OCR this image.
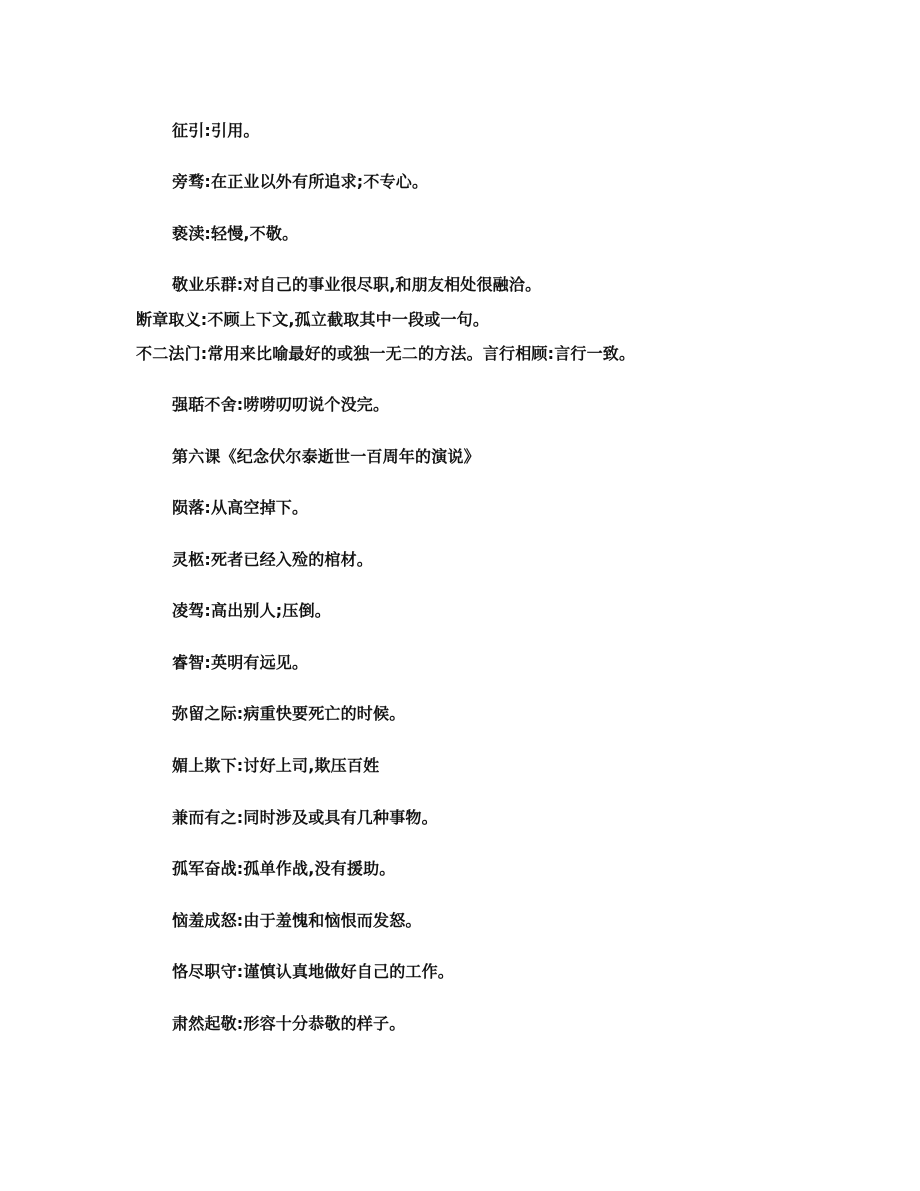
征引:引用。
旁骛:在正业以外有所追求;不专心。
亵渎:轻慢,不敬。
敬业乐群:对自己的事业很尽职,和朋友相处很融洽。
断章取义:不顾上下文,孤立截取其中一段或一句。
不二法门:常用来比喻最好的或独一无二的方法。言行相顾:言行一致。
强聒不舍:唠唠叨叨说个没完。
第六课《纪念伏尔泰逝世一百周年的演说》
陨落:从高空掉下。
灵柩:死者已经入殓的棺材。
凌驾:高出别人;压倒。
睿智:英明有远见。
弥留之际:病重快要死亡的时候。
媚上欺下:讨好上司,欺压百姓
兼而有之:同时涉及或具有几种事物。
孤军奋战:孤单作战,没有援助。
恼羞成怒:由于羞愧和恼恨而发怒。
恪尽职守:谨慎认真地做好自己的工作。
肃然起敬:形容十分恭敬的样子。
